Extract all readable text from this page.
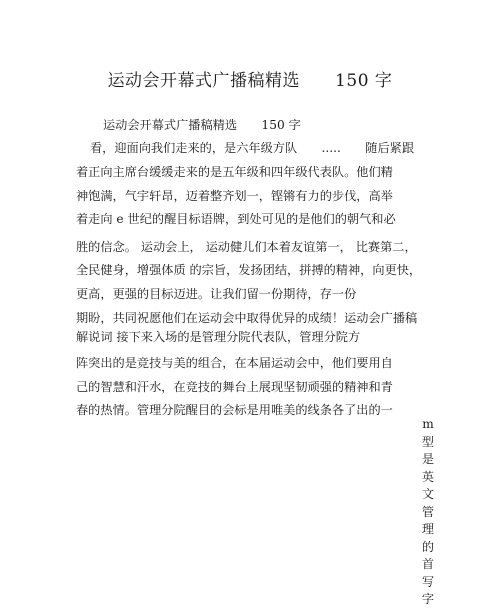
运动会开幕式广播稿精选　　150 字
运动会开幕式广播稿精选　　150 字
看，迎面向我们走来的，是六年级方队　　.....　　随后紧跟
着正向主席台缓缓走来的是五年级和四年级代表队。他们精
神饱满，气宇轩昂，迈着整齐划一，铿锵有力的步伐，高举
着走向 e 世纪的醒目标语牌，到处可见的是他们的朝气和必
胜的信念。 运动会上， 运动健儿们本着友谊第一， 比赛第二，
全民健身，增强体质 的宗旨，发扬团结，拼搏的精神，向更快，
更高，更强的目标迈进。让我们留一份期待，存一份
期盼，共同祝愿他们在运动会中取得优异的成绩！运动会广播稿
解说词 接下来入场的是管理分院代表队，管理分院方
阵突出的是竞技与美的组合，在本届运动会中，他们要用自
己的智慧和汗水，在竞技的舞台上展现坚韧顽强的精神和青
春的热情。管理分院醒目的会标是用唯美的线条各了出的一
m型是英文管理的首写字
